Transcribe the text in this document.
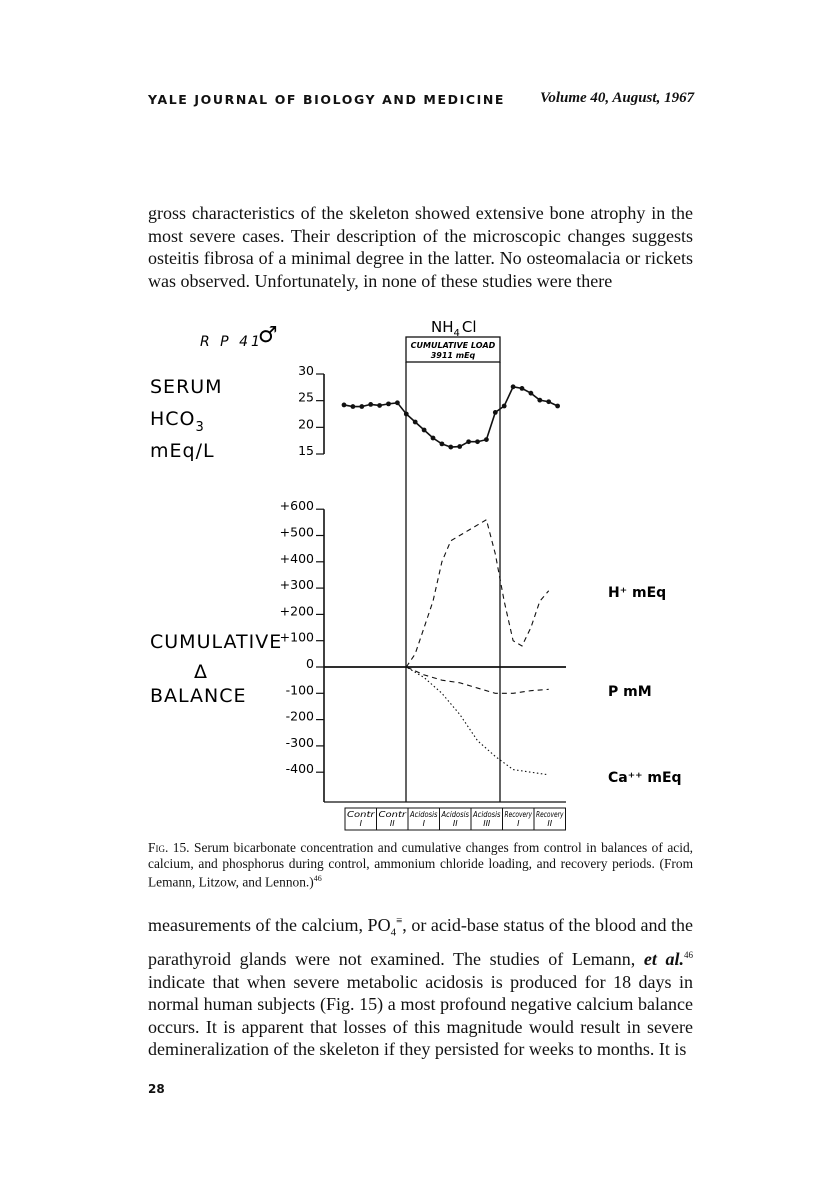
YALE JOURNAL OF BIOLOGY AND MEDICINE Volume 40, August, 1967

gross characteristics of the skeleton showed extensive bone atrophy in the most severe cases. Their description of the microscopic changes suggests osteitis fibrosa of a minimal degree in the latter. No osteomalacia or rickets was observed. Unfortunately, in none of these studies were there

R P 41
♂	$NH_4$ Cl
CUMULATIVE LOAD
3911 mEq
SERUM
$HCO_3$
mEq/L
30
25
20
15
CUMULATIVE
Δ
BALANCE
+600
+500
+400
+300
+200
+100
0
-100
-200
-300
-400
H⁺ mEq
P mM
Ca⁺⁺ mEq
Contr
I
Contr
II
Acidosis
I
Acidosis
II
Acidosis
III
Recovery
I
Recovery
II
Fig. 15. Serum bicarbonate concentration and cumulative changes from control in balances of acid, calcium, and phosphorus during control, ammonium chloride loading, and recovery periods. (From Lemann, Litzow, and Lennon.)$^{46}$

measurements of the calcium, $PO_4^\equiv$, or acid-base status of the blood and the parathyroid glands were not examined. The studies of Lemann, et al.$^{46}$ indicate that when severe metabolic acidosis is produced for 18 days in normal human subjects (Fig. 15) a most profound negative calcium balance occurs. It is apparent that losses of this magnitude would result in severe demineralization of the skeleton if they persisted for weeks to months. It is

28
